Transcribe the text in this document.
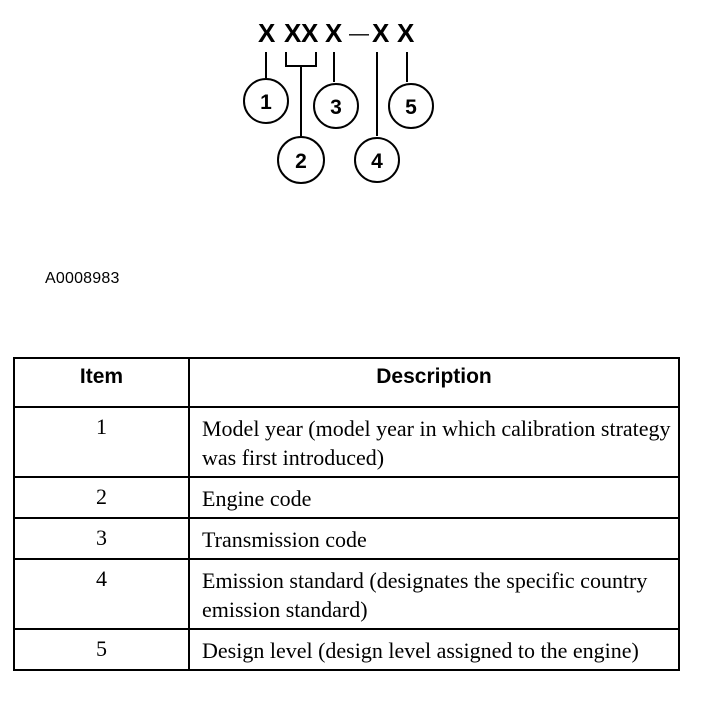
X X X X — X X
1
2
3
4
5
A0008983
Item	Description
1	Model year (model year in which calibration strategy was first introduced)
2	Engine code
3	Transmission code
4	Emission standard (designates the specific country emission standard)
5	Design level (design level assigned to the engine)
